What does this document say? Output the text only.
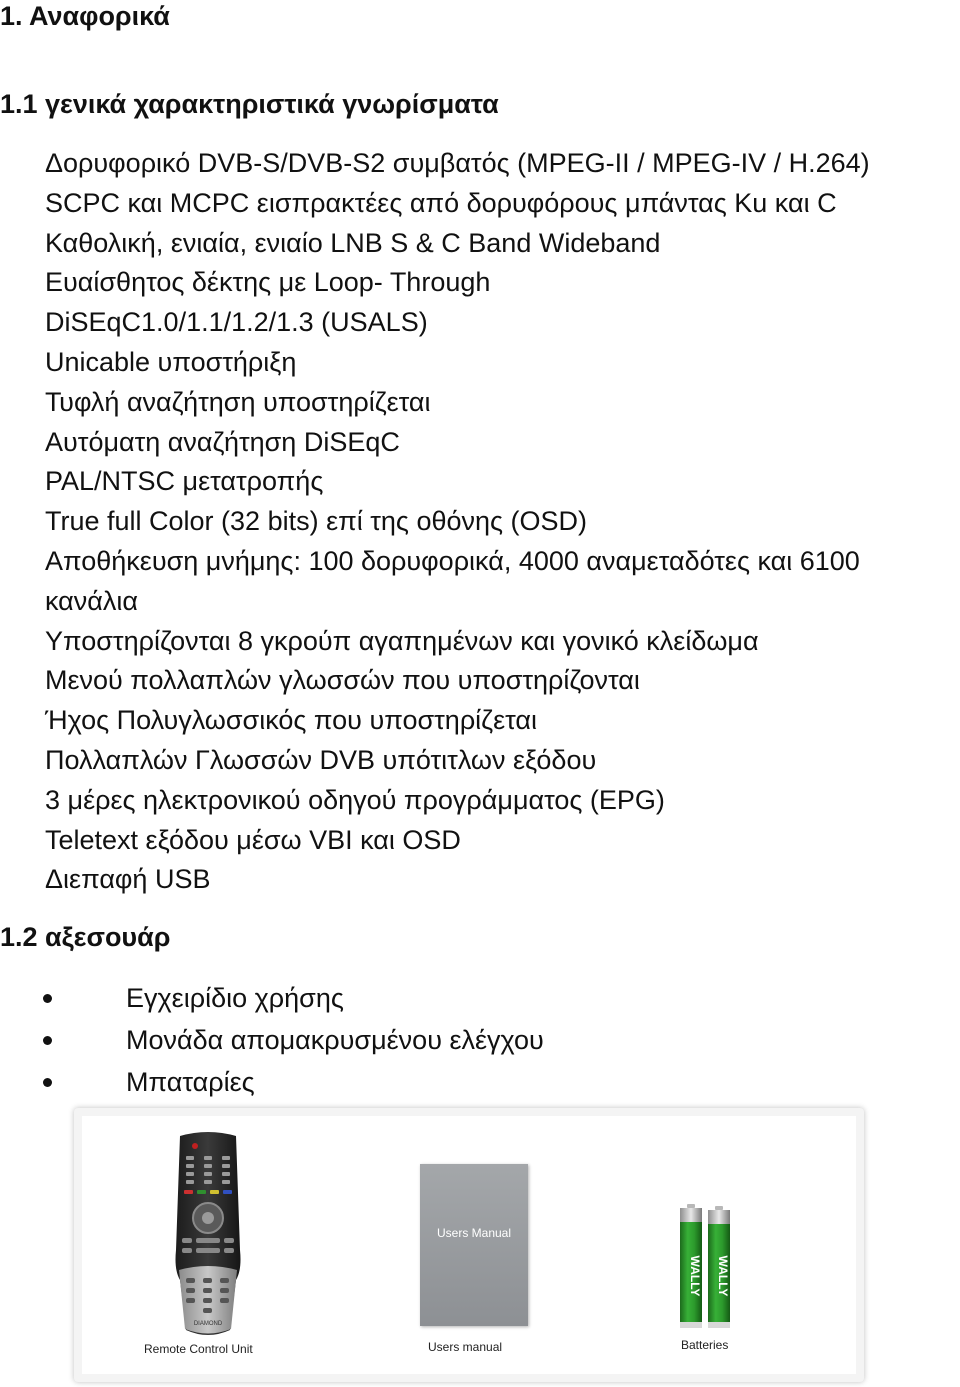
1. Αναφορικά
1.1 γενικά χαρακτηριστικά γνωρίσματα
Δορυφορικό DVB-S/DVB-S2 συμβατός (MPEG-II / MPEG-IV / H.264)
SCPC και MCPC εισπρακτέες από δορυφόρους μπάντας Ku και C
Καθολική, ενιαία, ενιαίο LNB S & C Band Wideband
Ευαίσθητος δέκτης με Loop- Through
DiSEqC1.0/1.1/1.2/1.3 (USALS)
Unicable υποστήριξη
Τυφλή αναζήτηση υποστηρίζεται
Αυτόματη αναζήτηση DiSEqC
PAL/NTSC μετατροπής
True full Color (32 bits) επί της οθόνης (OSD)
Αποθήκευση μνήμης: 100 δορυφορικά, 4000 αναμεταδότες και 6100
κανάλια
Υποστηρίζονται 8 γκρούπ αγαπημένων και γονικό κλείδωμα
Μενού πολλαπλών γλωσσών που υποστηρίζονται
Ήχος Πολυγλωσσικός που υποστηρίζεται
Πολλαπλών Γλωσσών DVB υπότιτλων εξόδου
3 μέρες ηλεκτρονικού οδηγού προγράμματος (EPG)
Teletext εξόδου μέσω VBI και OSD
Διεπαφή USB
1.2 αξεσουάρ
Εγχειρίδιο χρήσης
Μονάδα απομακρυσμένου ελέγχου
Μπαταρίες
DIAMOND
Users Manual
WALLY WALLY
Remote Control Unit	Users manual	Batteries
